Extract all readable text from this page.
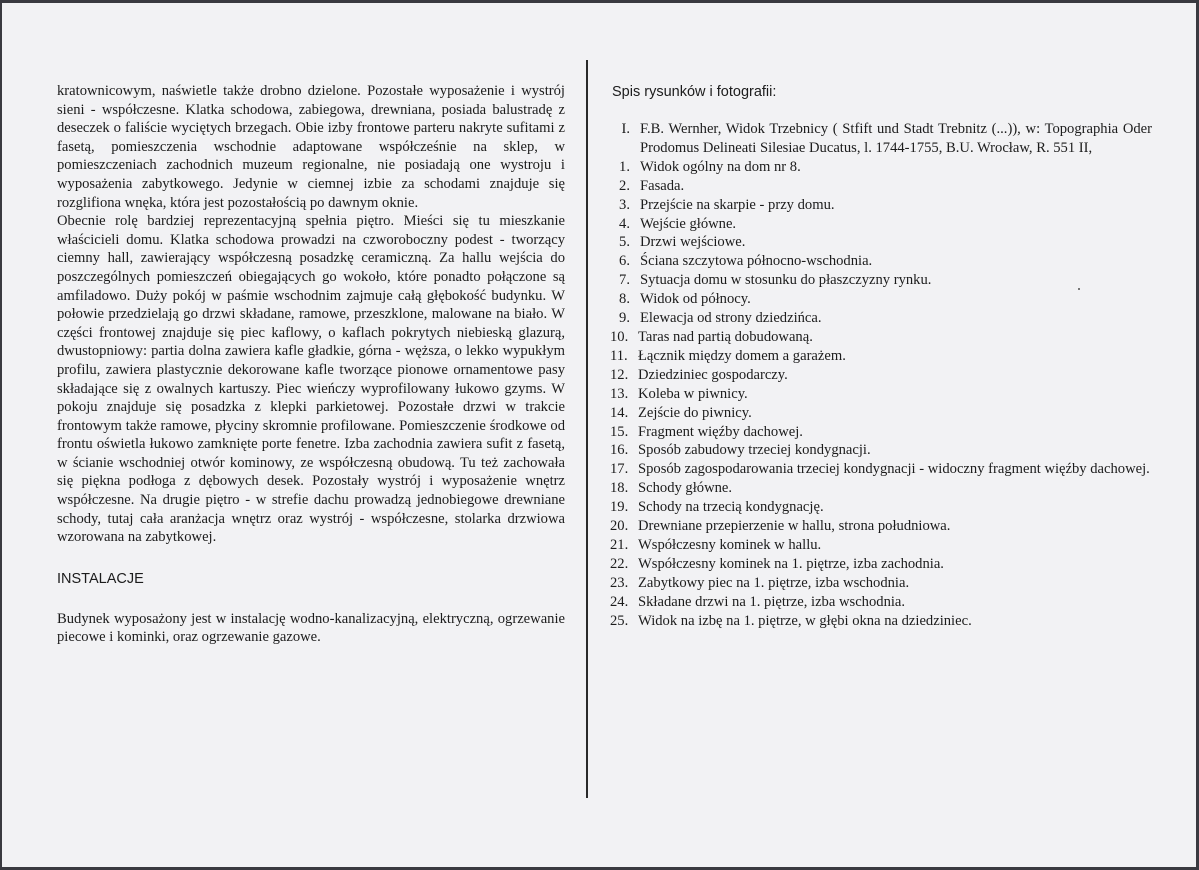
kratownicowym, naświetle także drobno dzielone. Pozostałe wyposażenie i wystrój sieni - współczesne. Klatka schodowa, zabiegowa, drewniana, posiada balustradę z deseczek o faliście wyciętych brzegach. Obie izby frontowe parteru nakryte sufitami z fasetą, pomieszczenia wschodnie adaptowane współcześnie na sklep, w pomieszczeniach zachodnich muzeum regionalne, nie posiadają one wystroju i wyposażenia zabytkowego. Jedynie w ciemnej izbie za schodami znajduje się rozglifiona wnęka, która jest pozostałością po dawnym oknie.

Obecnie rolę bardziej reprezentacyjną spełnia piętro. Mieści się tu mieszkanie właścicieli domu. Klatka schodowa prowadzi na czworoboczny podest - tworzący ciemny hall, zawierający współczesną posadzkę ceramiczną. Za hallu wejścia do poszczególnych pomieszczeń obiegających go wokoło, które ponadto połączone są amfiladowo. Duży pokój w paśmie wschodnim zajmuje całą głębokość budynku. W połowie przedzielają go drzwi składane, ramowe, przeszklone, malowane na biało. W części frontowej znajduje się piec kaflowy, o kaflach pokrytych niebieską glazurą, dwustopniowy: partia dolna zawiera kafle gładkie, górna - węższa, o lekko wypukłym profilu, zawiera plastycznie dekorowane kafle tworzące pionowe ornamentowe pasy składające się z owalnych kartuszy. Piec wieńczy wyprofilowany łukowo gzyms. W pokoju znajduje się posadzka z klepki parkietowej. Pozostałe drzwi w trakcie frontowym także ramowe, płyciny skromnie profilowane. Pomieszczenie środkowe od frontu oświetla łukowo zamknięte porte fenetre. Izba zachodnia zawiera sufit z fasetą, w ścianie wschodniej otwór kominowy, ze współczesną obudową. Tu też zachowała się piękna podłoga z dębowych desek. Pozostały wystrój i wyposażenie wnętrz współczesne. Na drugie piętro - w strefie dachu prowadzą jednobiegowe drewniane schody, tutaj cała aranżacja wnętrz oraz wystrój - współczesne, stolarka drzwiowa wzorowana na zabytkowej.

INSTALACJE

Budynek wyposażony jest w instalację wodno-kanalizacyjną, elektryczną, ogrzewanie piecowe i kominki, oraz ogrzewanie gazowe.

Spis rysunków i fotografii:
I. F.B. Wernher, Widok Trzebnicy ( Stfift und Stadt Trebnitz (...)), w: Topographia Oder Prodomus Delineati Silesiae Ducatus, l. 1744-1755, B.U. Wrocław, R. 551 II,
1. Widok ogólny na dom nr 8.
2. Fasada.
3. Przejście na skarpie - przy domu.
4. Wejście główne.
5. Drzwi wejściowe.
6. Ściana szczytowa północno-wschodnia.
7. Sytuacja domu w stosunku do płaszczyzny rynku.
8. Widok od północy.
9. Elewacja od strony dziedzińca.
10. Taras nad partią dobudowaną.
11. Łącznik między domem a garażem.
12. Dziedziniec gospodarczy.
13. Koleba w piwnicy.
14. Zejście do piwnicy.
15. Fragment więźby dachowej.
16. Sposób zabudowy trzeciej kondygnacji.
17. Sposób zagospodarowania trzeciej kondygnacji - widoczny fragment więźby dachowej.
18. Schody główne.
19. Schody na trzecią kondygnację.
20. Drewniane przepierzenie w hallu, strona południowa.
21. Współczesny kominek w hallu.
22. Współczesny kominek na 1. piętrze, izba zachodnia.
23. Zabytkowy piec na 1. piętrze, izba wschodnia.
24. Składane drzwi na 1. piętrze, izba wschodnia.
25. Widok na izbę na 1. piętrze, w głębi okna na dziedziniec.
